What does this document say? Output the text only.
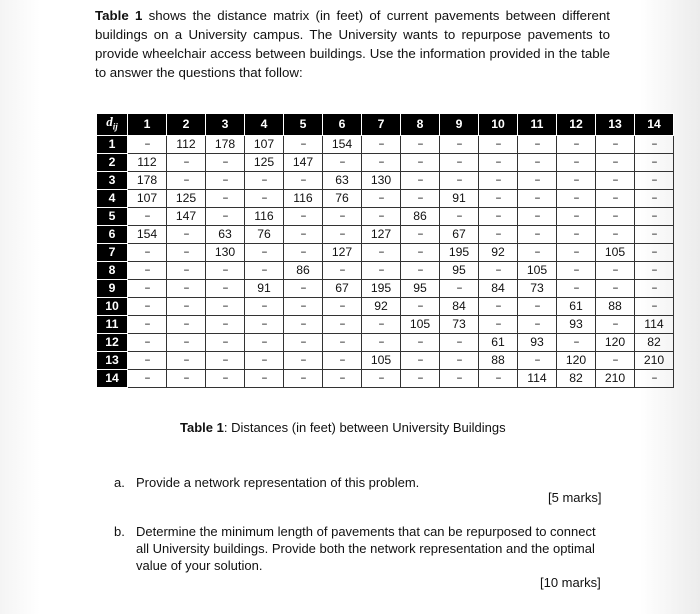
Table 1 shows the distance matrix (in feet) of current pavements between different buildings on a University campus. The University wants to repurpose pavements to provide wheelchair access between buildings. Use the information provided in the table to answer the questions that follow:
$d_{ij}$	1	2	3	4	5	6	7	8	9	10	11	12	13	14
1	--	112	178	107	--	154	--	--	--	--	--	--	--	--
2	112	--	--	125	147	--	--	--	--	--	--	--	--	--
3	178	--	--	--	--	63	130	--	--	--	--	--	--	--
4	107	125	--	--	116	76	--	--	91	--	--	--	--	--
5	--	147	--	116	--	--	--	86	--	--	--	--	--	--
6	154	--	63	76	--	--	127	--	67	--	--	--	--	--
7	--	--	130	--	--	127	--	--	195	92	--	--	105	--
8	--	--	--	--	86	--	--	--	95	--	105	--	--	--
9	--	--	--	91	--	67	195	95	--	84	73	--	--	--
10	--	--	--	--	--	--	92	--	84	--	--	61	88	--
11	--	--	--	--	--	--	--	105	73	--	--	93	--	114
12	--	--	--	--	--	--	--	--	--	61	93	--	120	82
13	--	--	--	--	--	--	105	--	--	88	--	120	--	210
14	--	--	--	--	--	--	--	--	--	--	114	82	210	--
Table 1: Distances (in feet) between University Buildings
a. Provide a network representation of this problem.
[5 marks]
b. Determine the minimum length of pavements that can be repurposed to connect all University buildings. Provide both the network representation and the optimal value of your solution.
[10 marks]
